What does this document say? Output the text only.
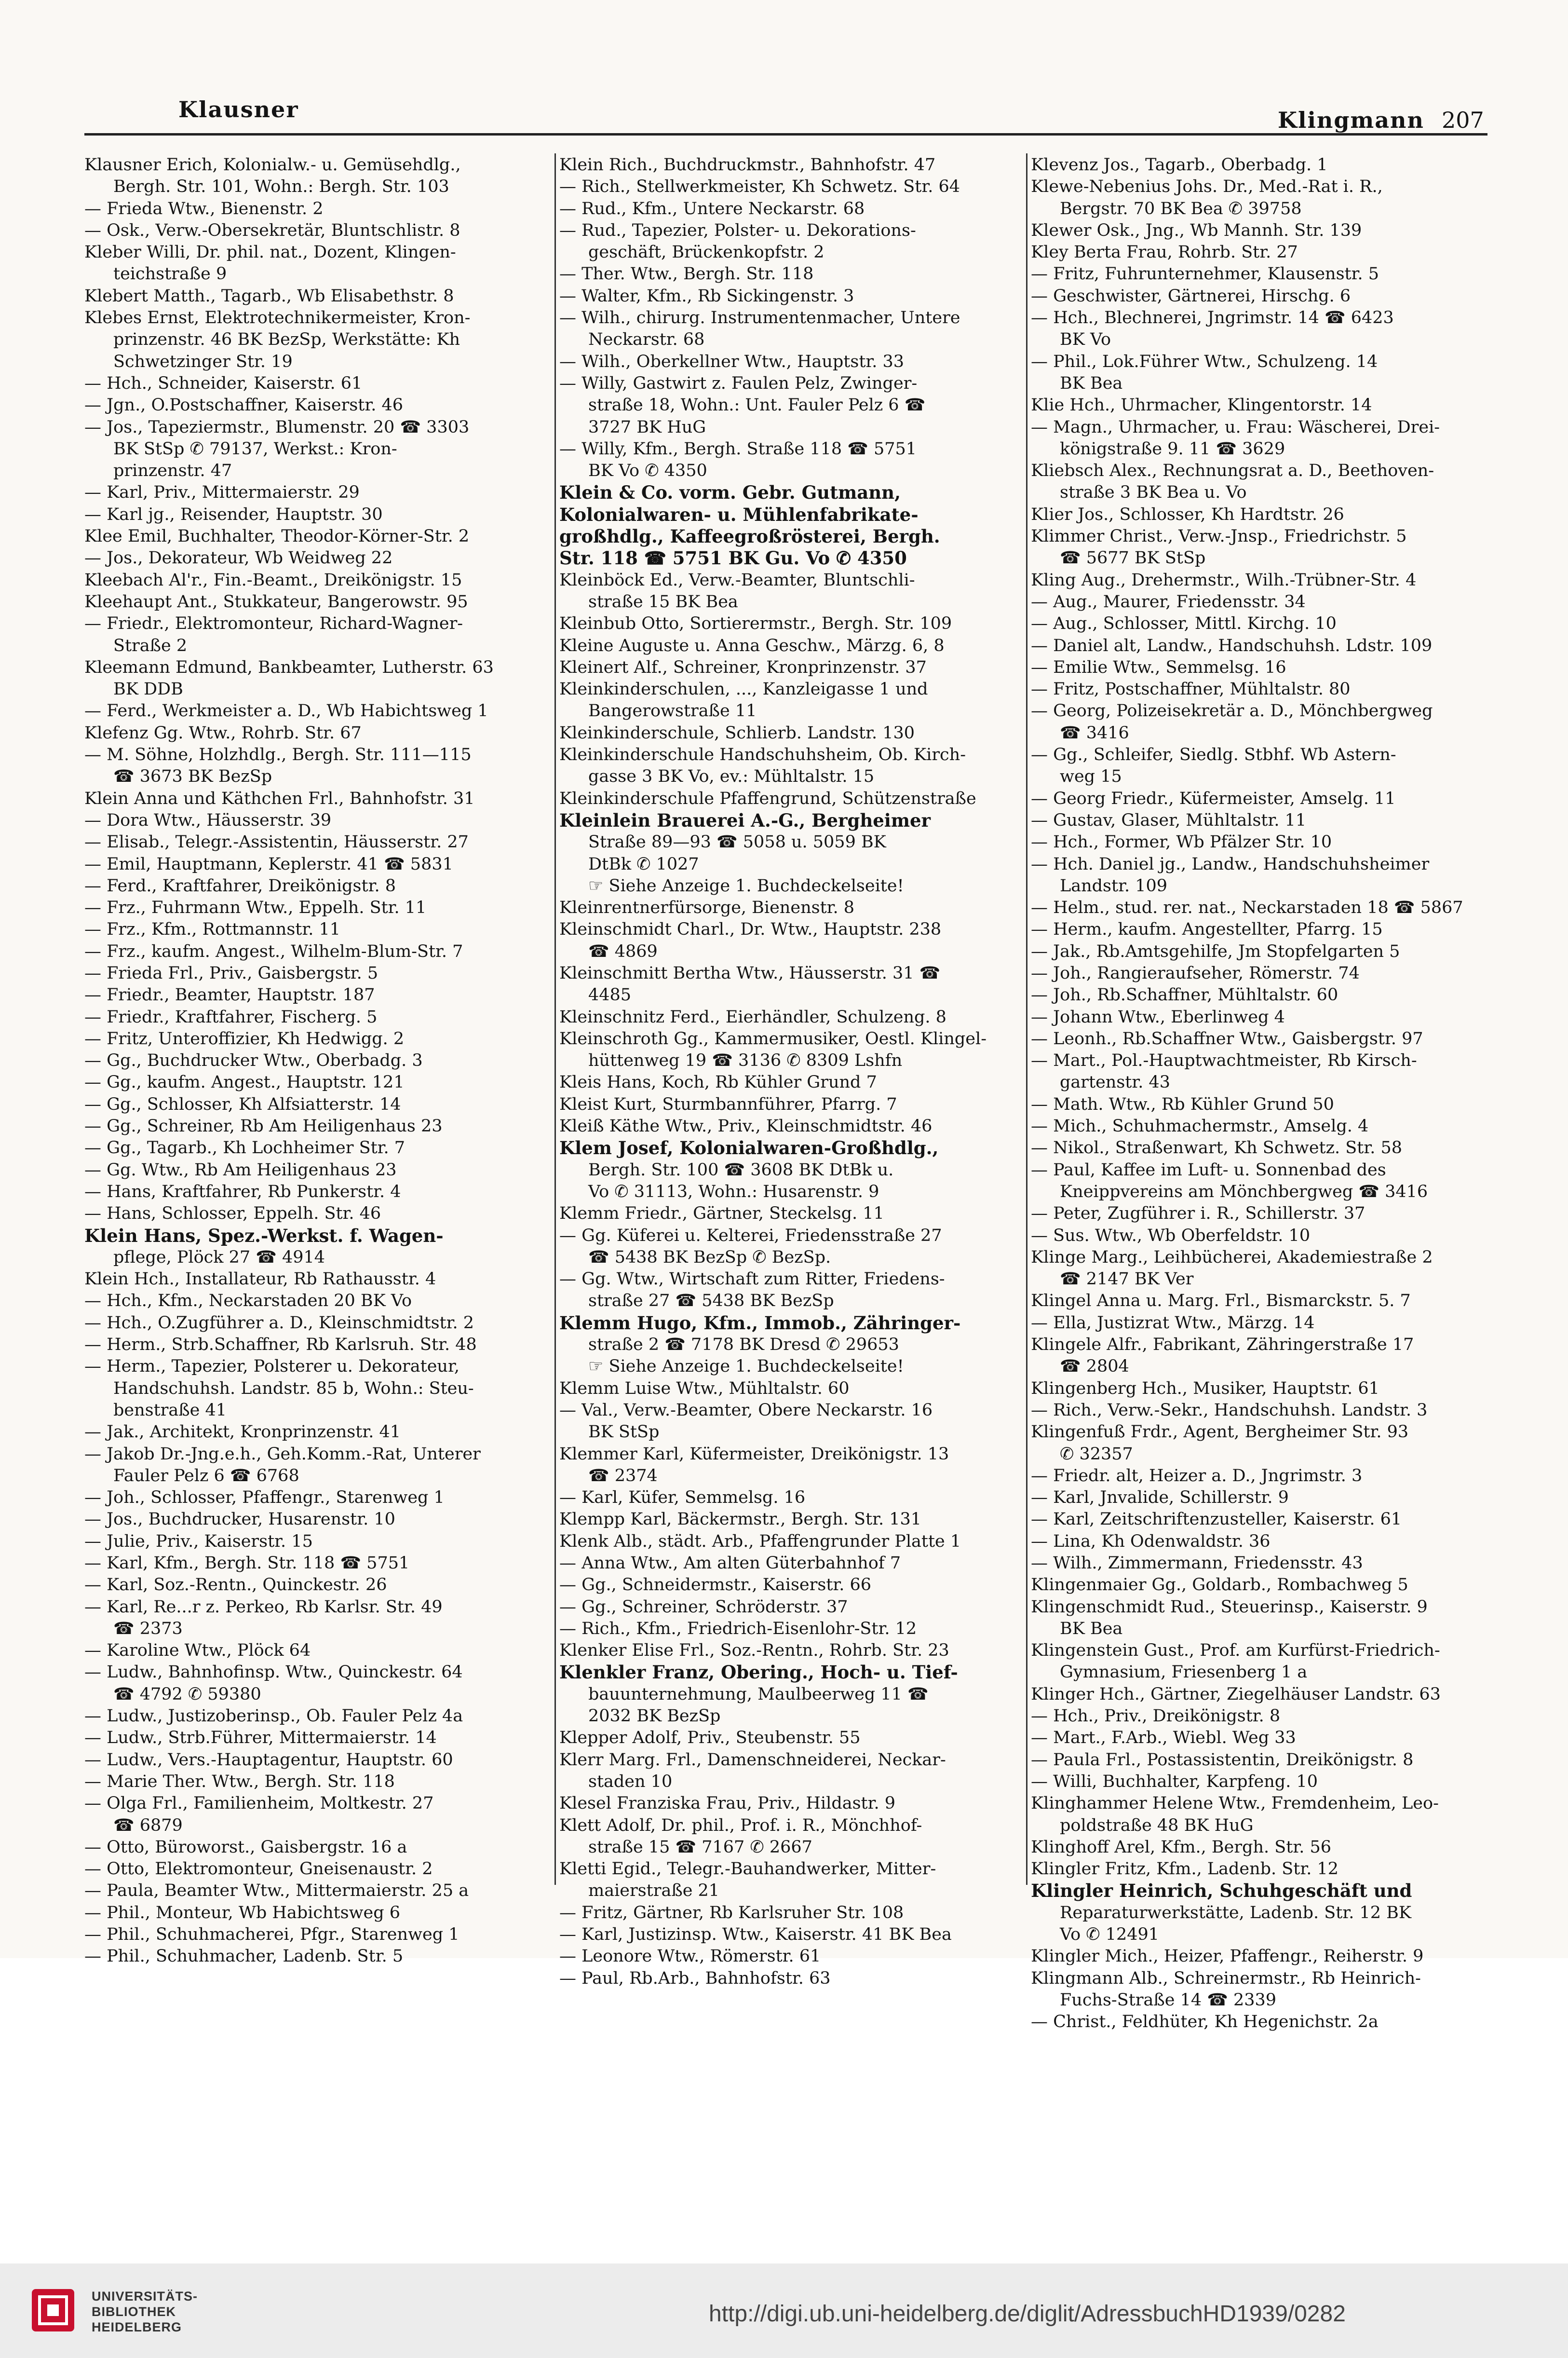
Klausner	Klingmann 207

Klausner Erich, Kolonialw.- u. Gemüsehdlg.,

Bergh. Str. 101, Wohn.: Bergh. Str. 103

— Frieda Wtw., Bienenstr. 2

— Osk., Verw.-Obersekretär, Bluntschlistr. 8

Kleber Willi, Dr. phil. nat., Dozent, Klingen-

teichstraße 9

Klebert Matth., Tagarb., Wb Elisabethstr. 8

Klebes Ernst, Elektrotechnikermeister, Kron-

prinzenstr. 46 BK BezSp, Werkstätte: Kh

Schwetzinger Str. 19

— Hch., Schneider, Kaiserstr. 61

— Jgn., O.Postschaffner, Kaiserstr. 46

— Jos., Tapeziermstr., Blumenstr. 20 ☎ 3303

BK StSp ✆ 79137, Werkst.: Kron-

prinzenstr. 47

— Karl, Priv., Mittermaierstr. 29

— Karl jg., Reisender, Hauptstr. 30

Klee Emil, Buchhalter, Theodor-Körner-Str. 2

— Jos., Dekorateur, Wb Weidweg 22

Kleebach Al'r., Fin.-Beamt., Dreikönigstr. 15

Kleehaupt Ant., Stukkateur, Bangerowstr. 95

— Friedr., Elektromonteur, Richard-Wagner-

Straße 2

Kleemann Edmund, Bankbeamter, Lutherstr. 63

BK DDB

— Ferd., Werkmeister a. D., Wb Habichtsweg 1

Klefenz Gg. Wtw., Rohrb. Str. 67

— M. Söhne, Holzhdlg., Bergh. Str. 111—115

☎ 3673 BK BezSp

Klein Anna und Käthchen Frl., Bahnhofstr. 31

— Dora Wtw., Häusserstr. 39

— Elisab., Telegr.-Assistentin, Häusserstr. 27

— Emil, Hauptmann, Keplerstr. 41 ☎ 5831

— Ferd., Kraftfahrer, Dreikönigstr. 8

— Frz., Fuhrmann Wtw., Eppelh. Str. 11

— Frz., Kfm., Rottmannstr. 11

— Frz., kaufm. Angest., Wilhelm-Blum-Str. 7

— Frieda Frl., Priv., Gaisbergstr. 5

— Friedr., Beamter, Hauptstr. 187

— Friedr., Kraftfahrer, Fischerg. 5

— Fritz, Unteroffizier, Kh Hedwigg. 2

— Gg., Buchdrucker Wtw., Oberbadg. 3

— Gg., kaufm. Angest., Hauptstr. 121

— Gg., Schlosser, Kh Alfsiatterstr. 14

— Gg., Schreiner, Rb Am Heiligenhaus 23

— Gg., Tagarb., Kh Lochheimer Str. 7

— Gg. Wtw., Rb Am Heiligenhaus 23

— Hans, Kraftfahrer, Rb Punkerstr. 4

— Hans, Schlosser, Eppelh. Str. 46

Klein Hans, Spez.-Werkst. f. Wagen-

pflege, Plöck 27 ☎ 4914

Klein Hch., Installateur, Rb Rathausstr. 4

— Hch., Kfm., Neckarstaden 20 BK Vo

— Hch., O.Zugführer a. D., Kleinschmidtstr. 2

— Herm., Strb.Schaffner, Rb Karlsruh. Str. 48

— Herm., Tapezier, Polsterer u. Dekorateur,

Handschuhsh. Landstr. 85 b, Wohn.: Steu-

benstraße 41

— Jak., Architekt, Kronprinzenstr. 41

— Jakob Dr.-Jng.e.h., Geh.Komm.-Rat, Unterer

Fauler Pelz 6 ☎ 6768

— Joh., Schlosser, Pfaffengr., Starenweg 1

— Jos., Buchdrucker, Husarenstr. 10

— Julie, Priv., Kaiserstr. 15

— Karl, Kfm., Bergh. Str. 118 ☎ 5751

— Karl, Soz.-Rentn., Quinckestr. 26

— Karl, Re...r z. Perkeo, Rb Karlsr. Str. 49

☎ 2373

— Karoline Wtw., Plöck 64

— Ludw., Bahnhofinsp. Wtw., Quinckestr. 64

☎ 4792 ✆ 59380

— Ludw., Justizoberinsp., Ob. Fauler Pelz 4a

— Ludw., Strb.Führer, Mittermaierstr. 14

— Ludw., Vers.-Hauptagentur, Hauptstr. 60

— Marie Ther. Wtw., Bergh. Str. 118

— Olga Frl., Familienheim, Moltkestr. 27

☎ 6879

— Otto, Büroworst., Gaisbergstr. 16 a

— Otto, Elektromonteur, Gneisenaustr. 2

— Paula, Beamter Wtw., Mittermaierstr. 25 a

— Phil., Monteur, Wb Habichtsweg 6

— Phil., Schuhmacherei, Pfgr., Starenweg 1

— Phil., Schuhmacher, Ladenb. Str. 5

Klein Rich., Buchdruckmstr., Bahnhofstr. 47

— Rich., Stellwerkmeister, Kh Schwetz. Str. 64

— Rud., Kfm., Untere Neckarstr. 68

— Rud., Tapezier, Polster- u. Dekorations-

geschäft, Brückenkopfstr. 2

— Ther. Wtw., Bergh. Str. 118

— Walter, Kfm., Rb Sickingenstr. 3

— Wilh., chirurg. Instrumentenmacher, Untere

Neckarstr. 68

— Wilh., Oberkellner Wtw., Hauptstr. 33

— Willy, Gastwirt z. Faulen Pelz, Zwinger-

straße 18, Wohn.: Unt. Fauler Pelz 6 ☎

3727 BK HuG

— Willy, Kfm., Bergh. Straße 118 ☎ 5751

BK Vo ✆ 4350

Klein & Co. vorm. Gebr. Gutmann,

Kolonialwaren- u. Mühlenfabrikate-

großhdlg., Kaffeegroßrösterei, Bergh.

Str. 118 ☎ 5751 BK Gu. Vo ✆ 4350

Kleinböck Ed., Verw.-Beamter, Bluntschli-

straße 15 BK Bea

Kleinbub Otto, Sortierermstr., Bergh. Str. 109

Kleine Auguste u. Anna Geschw., Märzg. 6, 8

Kleinert Alf., Schreiner, Kronprinzenstr. 37

Kleinkinderschulen, ..., Kanzleigasse 1 und

Bangerowstraße 11

Kleinkinderschule, Schlierb. Landstr. 130

Kleinkinderschule Handschuhsheim, Ob. Kirch-

gasse 3 BK Vo, ev.: Mühltalstr. 15

Kleinkinderschule Pfaffengrund, Schützenstraße

Kleinlein Brauerei A.-G., Bergheimer

Straße 89—93 ☎ 5058 u. 5059 BK

DtBk ✆ 1027

☞ Siehe Anzeige 1. Buchdeckelseite!

Kleinrentnerfürsorge, Bienenstr. 8

Kleinschmidt Charl., Dr. Wtw., Hauptstr. 238

☎ 4869

Kleinschmitt Bertha Wtw., Häusserstr. 31 ☎

4485

Kleinschnitz Ferd., Eierhändler, Schulzeng. 8

Kleinschroth Gg., Kammermusiker, Oestl. Klingel-

hüttenweg 19 ☎ 3136 ✆ 8309 Lshfn

Kleis Hans, Koch, Rb Kühler Grund 7

Kleist Kurt, Sturmbannführer, Pfarrg. 7

Kleiß Käthe Wtw., Priv., Kleinschmidtstr. 46

Klem Josef, Kolonialwaren-Großhdlg.,

Bergh. Str. 100 ☎ 3608 BK DtBk u.

Vo ✆ 31113, Wohn.: Husarenstr. 9

Klemm Friedr., Gärtner, Steckelsg. 11

— Gg. Küferei u. Kelterei, Friedensstraße 27

☎ 5438 BK BezSp ✆ BezSp.

— Gg. Wtw., Wirtschaft zum Ritter, Friedens-

straße 27 ☎ 5438 BK BezSp

Klemm Hugo, Kfm., Immob., Zähringer-

straße 2 ☎ 7178 BK Dresd ✆ 29653

☞ Siehe Anzeige 1. Buchdeckelseite!

Klemm Luise Wtw., Mühltalstr. 60

— Val., Verw.-Beamter, Obere Neckarstr. 16

BK StSp

Klemmer Karl, Küfermeister, Dreikönigstr. 13

☎ 2374

— Karl, Küfer, Semmelsg. 16

Klempp Karl, Bäckermstr., Bergh. Str. 131

Klenk Alb., städt. Arb., Pfaffengrunder Platte 1

— Anna Wtw., Am alten Güterbahnhof 7

— Gg., Schneidermstr., Kaiserstr. 66

— Gg., Schreiner, Schröderstr. 37

— Rich., Kfm., Friedrich-Eisenlohr-Str. 12

Klenker Elise Frl., Soz.-Rentn., Rohrb. Str. 23

Klenkler Franz, Obering., Hoch- u. Tief-

bauunternehmung, Maulbeerweg 11 ☎

2032 BK BezSp

Klepper Adolf, Priv., Steubenstr. 55

Klerr Marg. Frl., Damenschneiderei, Neckar-

staden 10

Klesel Franziska Frau, Priv., Hildastr. 9

Klett Adolf, Dr. phil., Prof. i. R., Mönchhof-

straße 15 ☎ 7167 ✆ 2667

Kletti Egid., Telegr.-Bauhandwerker, Mitter-

maierstraße 21

— Fritz, Gärtner, Rb Karlsruher Str. 108

— Karl, Justizinsp. Wtw., Kaiserstr. 41 BK Bea

— Leonore Wtw., Römerstr. 61

— Paul, Rb.Arb., Bahnhofstr. 63

Klevenz Jos., Tagarb., Oberbadg. 1

Klewe-Nebenius Johs. Dr., Med.-Rat i. R.,

Bergstr. 70 BK Bea ✆ 39758

Klewer Osk., Jng., Wb Mannh. Str. 139

Kley Berta Frau, Rohrb. Str. 27

— Fritz, Fuhrunternehmer, Klausenstr. 5

— Geschwister, Gärtnerei, Hirschg. 6

— Hch., Blechnerei, Jngrimstr. 14 ☎ 6423

BK Vo

— Phil., Lok.Führer Wtw., Schulzeng. 14

BK Bea

Klie Hch., Uhrmacher, Klingentorstr. 14

— Magn., Uhrmacher, u. Frau: Wäscherei, Drei-

königstraße 9. 11 ☎ 3629

Kliebsch Alex., Rechnungsrat a. D., Beethoven-

straße 3 BK Bea u. Vo

Klier Jos., Schlosser, Kh Hardtstr. 26

Klimmer Christ., Verw.-Jnsp., Friedrichstr. 5

☎ 5677 BK StSp

Kling Aug., Drehermstr., Wilh.-Trübner-Str. 4

— Aug., Maurer, Friedensstr. 34

— Aug., Schlosser, Mittl. Kirchg. 10

— Daniel alt, Landw., Handschuhsh. Ldstr. 109

— Emilie Wtw., Semmelsg. 16

— Fritz, Postschaffner, Mühltalstr. 80

— Georg, Polizeisekretär a. D., Mönchbergweg

☎ 3416

— Gg., Schleifer, Siedlg. Stbhf. Wb Astern-

weg 15

— Georg Friedr., Küfermeister, Amselg. 11

— Gustav, Glaser, Mühltalstr. 11

— Hch., Former, Wb Pfälzer Str. 10

— Hch. Daniel jg., Landw., Handschuhsheimer

Landstr. 109

— Helm., stud. rer. nat., Neckarstaden 18 ☎ 5867

— Herm., kaufm. Angestellter, Pfarrg. 15

— Jak., Rb.Amtsgehilfe, Jm Stopfelgarten 5

— Joh., Rangieraufseher, Römerstr. 74

— Joh., Rb.Schaffner, Mühltalstr. 60

— Johann Wtw., Eberlinweg 4

— Leonh., Rb.Schaffner Wtw., Gaisbergstr. 97

— Mart., Pol.-Hauptwachtmeister, Rb Kirsch-

gartenstr. 43

— Math. Wtw., Rb Kühler Grund 50

— Mich., Schuhmachermstr., Amselg. 4

— Nikol., Straßenwart, Kh Schwetz. Str. 58

— Paul, Kaffee im Luft- u. Sonnenbad des

Kneippvereins am Mönchbergweg ☎ 3416

— Peter, Zugführer i. R., Schillerstr. 37

— Sus. Wtw., Wb Oberfeldstr. 10

Klinge Marg., Leihbücherei, Akademiestraße 2

☎ 2147 BK Ver

Klingel Anna u. Marg. Frl., Bismarckstr. 5. 7

— Ella, Justizrat Wtw., Märzg. 14

Klingele Alfr., Fabrikant, Zähringerstraße 17

☎ 2804

Klingenberg Hch., Musiker, Hauptstr. 61

— Rich., Verw.-Sekr., Handschuhsh. Landstr. 3

Klingenfuß Frdr., Agent, Bergheimer Str. 93

✆ 32357

— Friedr. alt, Heizer a. D., Jngrimstr. 3

— Karl, Jnvalide, Schillerstr. 9

— Karl, Zeitschriftenzusteller, Kaiserstr. 61

— Lina, Kh Odenwaldstr. 36

— Wilh., Zimmermann, Friedensstr. 43

Klingenmaier Gg., Goldarb., Rombachweg 5

Klingenschmidt Rud., Steuerinsp., Kaiserstr. 9

BK Bea

Klingenstein Gust., Prof. am Kurfürst-Friedrich-

Gymnasium, Friesenberg 1 a

Klinger Hch., Gärtner, Ziegelhäuser Landstr. 63

— Hch., Priv., Dreikönigstr. 8

— Mart., F.Arb., Wiebl. Weg 33

— Paula Frl., Postassistentin, Dreikönigstr. 8

— Willi, Buchhalter, Karpfeng. 10

Klinghammer Helene Wtw., Fremdenheim, Leo-

poldstraße 48 BK HuG

Klinghoff Arel, Kfm., Bergh. Str. 56

Klingler Fritz, Kfm., Ladenb. Str. 12

Klingler Heinrich, Schuhgeschäft und

Reparaturwerkstätte, Ladenb. Str. 12 BK

Vo ✆ 12491

Klingler Mich., Heizer, Pfaffengr., Reiherstr. 9

Klingmann Alb., Schreinermstr., Rb Heinrich-

Fuchs-Straße 14 ☎ 2339

— Christ., Feldhüter, Kh Hegenichstr. 2a

UNIVERSITÄTS-
BIBLIOTHEK
HEIDELBERG
http://digi.ub.uni-heidelberg.de/diglit/AdressbuchHD1939/0282
